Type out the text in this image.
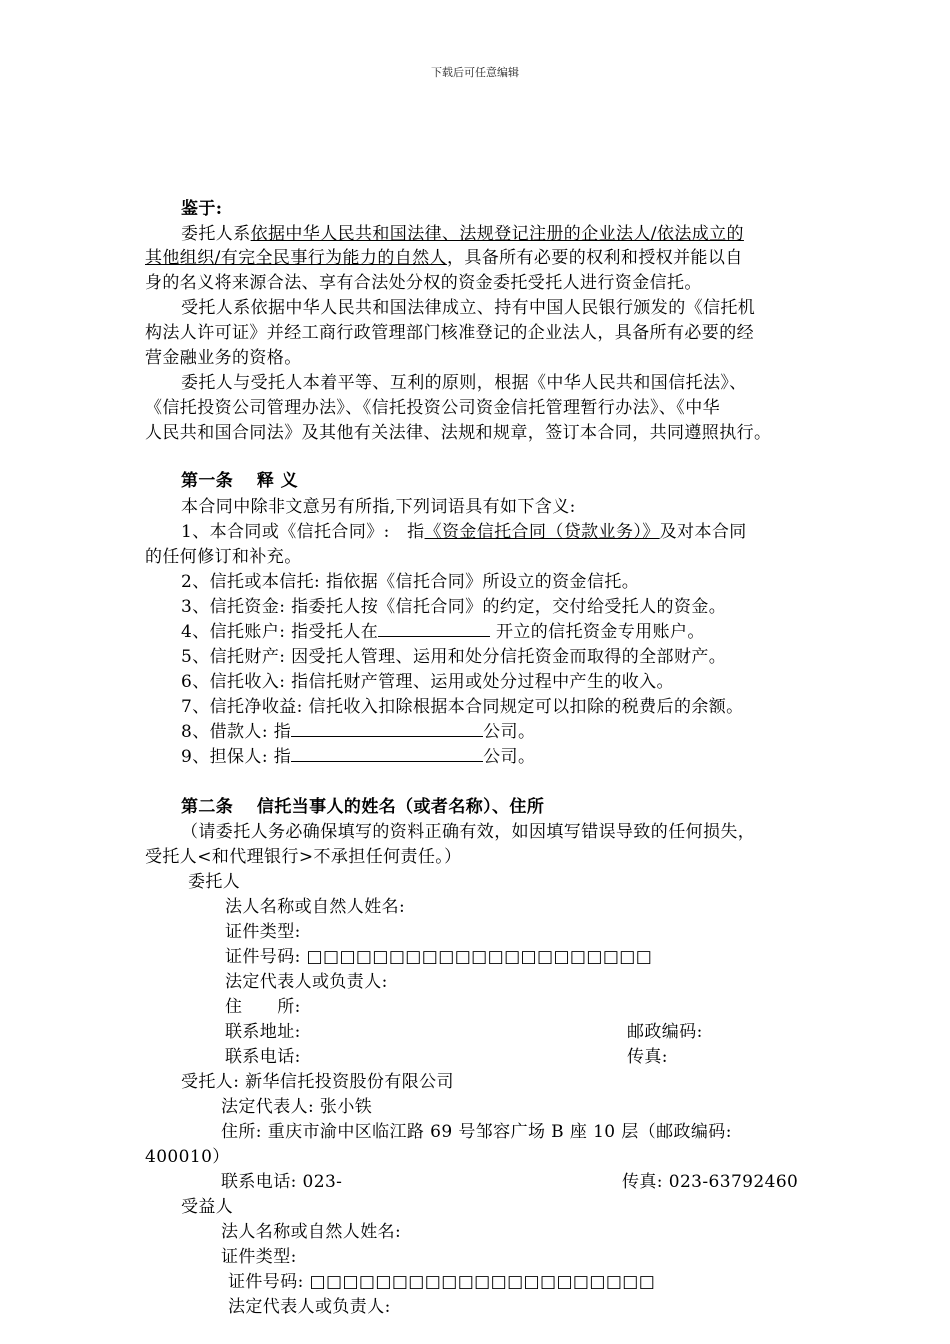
下载后可任意编辑
鉴于:
委托人系依据中华人民共和国法律、法规登记注册的企业法人/依法成立的
其他组织/有完全民事行为能力的自然人，具备所有必要的权利和授权并能以自
身的名义将来源合法、享有合法处分权的资金委托受托人进行资金信托。
受托人系依据中华人民共和国法律成立、持有中国人民银行颁发的《信托机
构法人许可证》并经工商行政管理部门核准登记的企业法人，具备所有必要的经
营金融业务的资格。
委托人与受托人本着平等、互利的原则，根据《中华人民共和国信托法》、
《信托投资公司管理办法》、《信托投资公司资金信托管理暂行办法》、《中华
人民共和国合同法》及其他有关法律、法规和规章，签订本合同，共同遵照执行。
第一条　 释 义
本合同中除非文意另有所指,下列词语具有如下含义:
1、本合同或《信托合同》:　指《资金信托合同（贷款业务）》及对本合同
的任何修订和补充。
2、信托或本信托: 指依据《信托合同》所设立的资金信托。
3、信托资金: 指委托人按《信托合同》的约定，交付给受托人的资金。
4、信托账户: 指受托人在	开立的信托资金专用账户。
5、信托财产: 因受托人管理、运用和处分信托资金而取得的全部财产。
6、信托收入: 指信托财产管理、运用或处分过程中产生的收入。
7、信托净收益: 信托收入扣除根据本合同规定可以扣除的税费后的余额。
8、借款人: 指	公司。
9、担保人: 指	公司。
第二条　 信托当事人的姓名（或者名称）、住所
（请委托人务必确保填写的资料正确有效，如因填写错误导致的任何损失，
受托人<和代理银行>不承担任何责任。）
委托人
法人名称或自然人姓名:
证件类型:
证件号码: □□□□□□□□□□□□□□□□□□□□□
法定代表人或负责人:
住　　所:
联系地址:	邮政编码:
联系电话:	传真:
受托人: 新华信托投资股份有限公司
法定代表人: 张小铁
住所: 重庆市渝中区临江路 69 号邹容广场 B 座 10 层（邮政编码:
400010）
联系电话: 023-	传真: 023-63792460
受益人
法人名称或自然人姓名:
证件类型:
证件号码: □□□□□□□□□□□□□□□□□□□□□
法定代表人或负责人:
